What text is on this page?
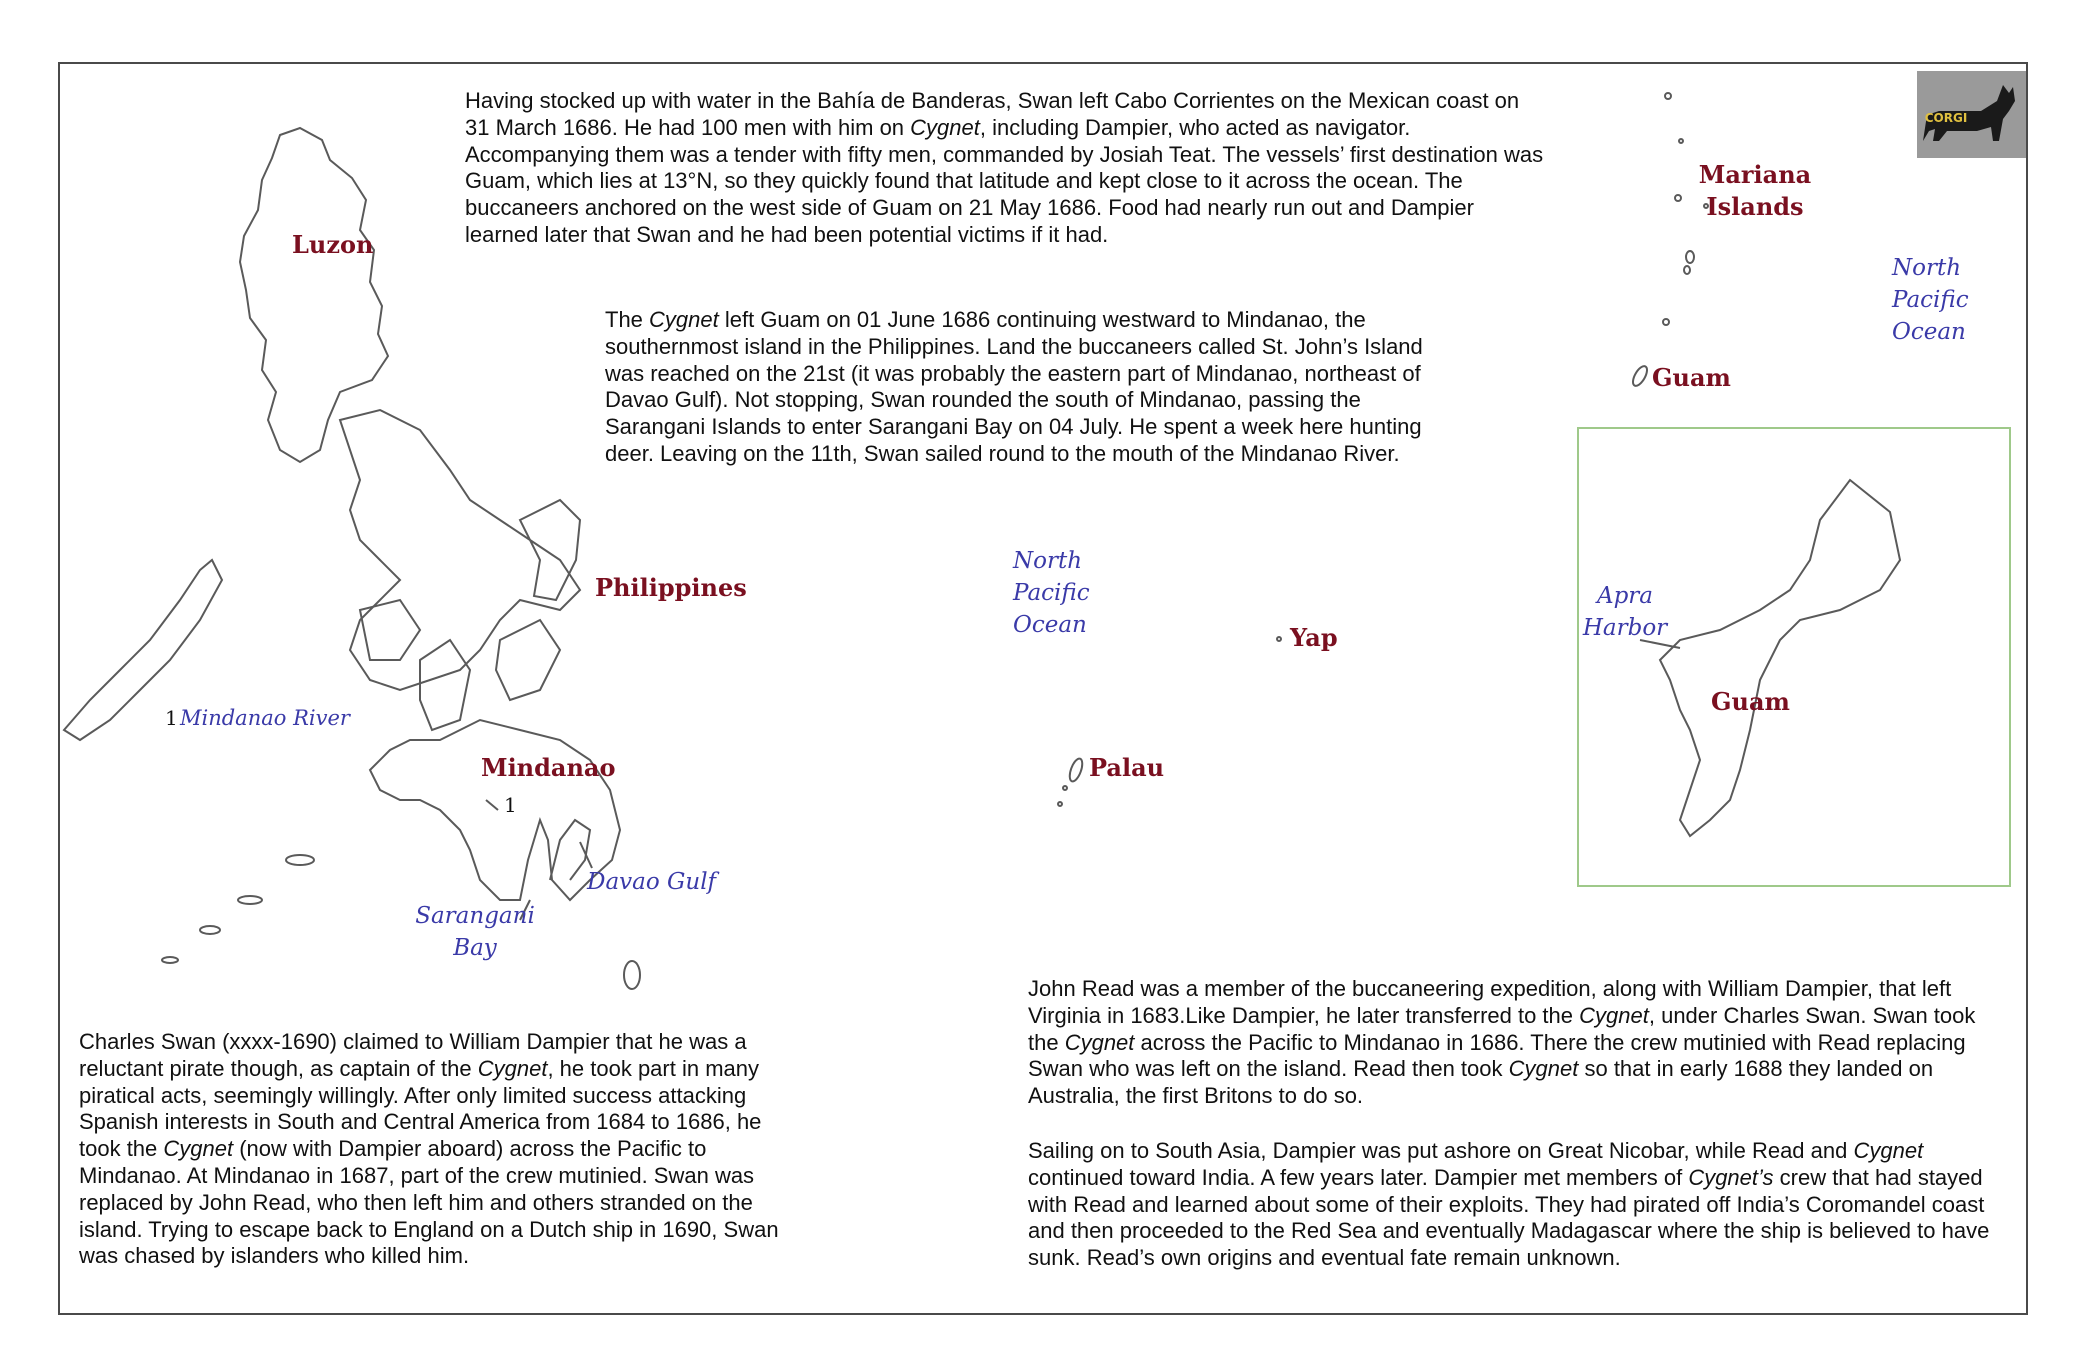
CORGI

Having stocked up with water in the Bahía de Banderas, Swan left Cabo Corrientes on the Mexican coast on 31 March 1686. He had 100 men with him on Cygnet, including Dampier, who acted as navigator. Accompanying them was a tender with fifty men, commanded by Josiah Teat. The vessels’ first destination was Guam, which lies at 13°N, so they quickly found that latitude and kept close to it across the ocean. The buccaneers anchored on the west side of Guam on 21 May 1686. Food had nearly run out and Dampier learned later that Swan and he had been potential victims if it had.

The Cygnet left Guam on 01 June 1686 continuing westward to Mindanao, the southernmost island in the Philippines. Land the buccaneers called St. John’s Island was reached on the 21st (it was probably the eastern part of Mindanao, northeast of Davao Gulf). Not stopping, Swan rounded the south of Mindanao, passing the Sarangani Islands to enter Sarangani Bay on 04 July. He spent a week here hunting deer. Leaving on the 11th, Swan sailed round to the mouth of the Mindanao River.

Charles Swan (xxxx-1690) claimed to William Dampier that he was a reluctant pirate though, as captain of the Cygnet, he took part in many piratical acts, seemingly willingly. After only limited success attacking Spanish interests in South and Central America from 1684 to 1686, he took the Cygnet (now with Dampier aboard) across the Pacific to Mindanao. At Mindanao in 1687, part of the crew mutinied. Swan was replaced by John Read, who then left him and others stranded on the island. Trying to escape back to England on a Dutch ship in 1690, Swan was chased by islanders who killed him.

John Read was a member of the buccaneering expedition, along with William Dampier, that left Virginia in 1683.Like Dampier, he later transferred to the Cygnet, under Charles Swan. Swan took the Cygnet across the Pacific to Mindanao in 1686. There the crew mutinied with Read replacing Swan who was left on the island. Read then took Cygnet so that in early 1688 they landed on Australia, the first Britons to do so.

Sailing on to South Asia, Dampier was put ashore on Great Nicobar, while Read and Cygnet continued toward India. A few years later. Dampier met members of Cygnet’s crew that had stayed with Read and learned about some of their exploits. They had pirated off India’s Coromandel coast and then proceeded to the Red Sea and eventually Madagascar where the ship is believed to have sunk. Read’s own origins and eventual fate remain unknown.

Luzon
Philippines
Mindanao
Mariana
Islands
Guam
Yap
Palau
Guam
1 Mindanao River
1
Davao Gulf
Sarangani
Bay
North
Pacific
Ocean
North
Pacific
Ocean
Apra
Harbor
